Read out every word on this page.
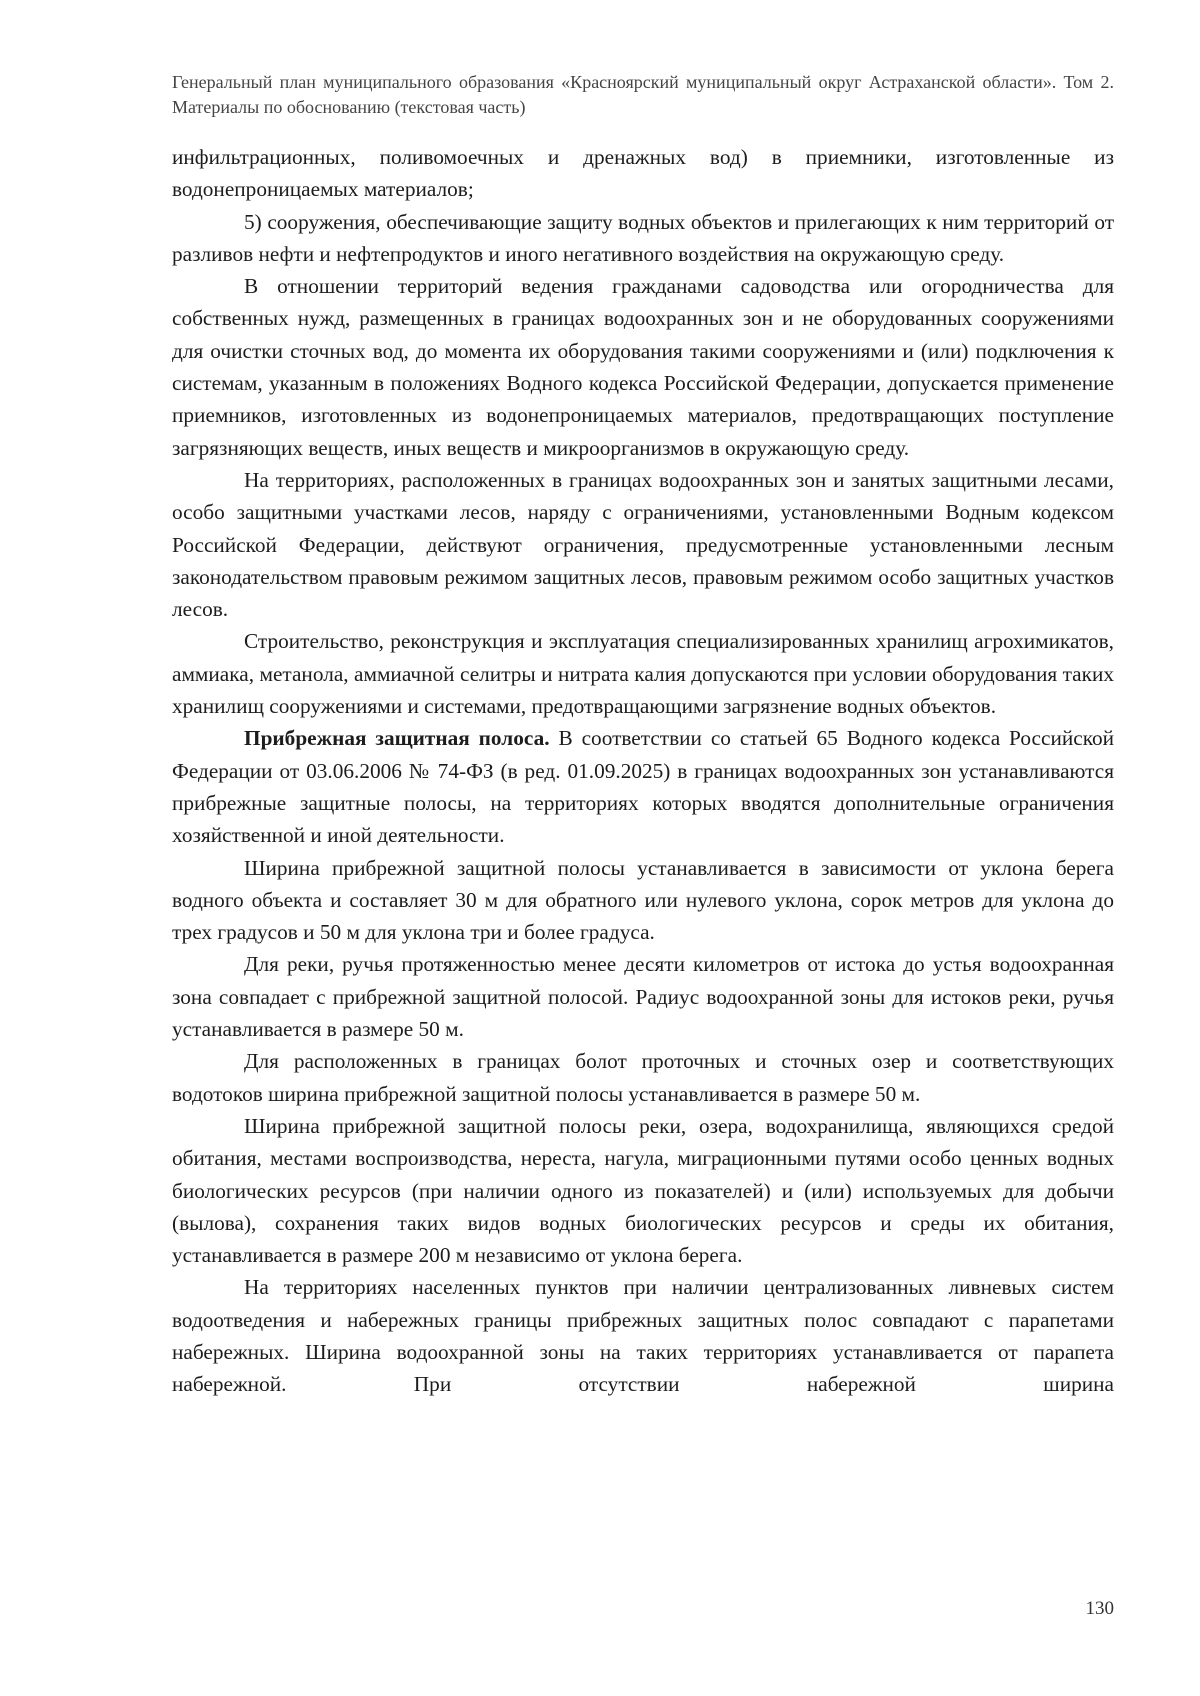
Генеральный план муниципального образования «Красноярский муниципальный округ Астраханской области». Том 2. Материалы по обоснованию (текстовая часть)

инфильтрационных, поливомоечных и дренажных вод) в приемники, изготовленные из водонепроницаемых материалов;

5) сооружения, обеспечивающие защиту водных объектов и прилегающих к ним территорий от разливов нефти и нефтепродуктов и иного негативного воздействия на окружающую среду.

В отношении территорий ведения гражданами садоводства или огородничества для собственных нужд, размещенных в границах водоохранных зон и не оборудованных сооружениями для очистки сточных вод, до момента их оборудования такими сооружениями и (или) подключения к системам, указанным в положениях Водного кодекса Российской Федерации, допускается применение приемников, изготовленных из водонепроницаемых материалов, предотвращающих поступление загрязняющих веществ, иных веществ и микроорганизмов в окружающую среду.

На территориях, расположенных в границах водоохранных зон и занятых защитными лесами, особо защитными участками лесов, наряду с ограничениями, установленными Водным кодексом Российской Федерации, действуют ограничения, предусмотренные установленными лесным законодательством правовым режимом защитных лесов, правовым режимом особо защитных участков лесов.

Строительство, реконструкция и эксплуатация специализированных хранилищ агрохимикатов, аммиака, метанола, аммиачной селитры и нитрата калия допускаются при условии оборудования таких хранилищ сооружениями и системами, предотвращающими загрязнение водных объектов.

Прибрежная защитная полоса. В соответствии со статьей 65 Водного кодекса Российской Федерации от 03.06.2006 № 74-ФЗ (в ред. 01.09.2025) в границах водоохранных зон устанавливаются прибрежные защитные полосы, на территориях которых вводятся дополнительные ограничения хозяйственной и иной деятельности.

Ширина прибрежной защитной полосы устанавливается в зависимости от уклона берега водного объекта и составляет 30 м для обратного или нулевого уклона, сорок метров для уклона до трех градусов и 50 м для уклона три и более градуса.

Для реки, ручья протяженностью менее десяти километров от истока до устья водоохранная зона совпадает с прибрежной защитной полосой. Радиус водоохранной зоны для истоков реки, ручья устанавливается в размере 50 м.

Для расположенных в границах болот проточных и сточных озер и соответствующих водотоков ширина прибрежной защитной полосы устанавливается в размере 50 м.

Ширина прибрежной защитной полосы реки, озера, водохранилища, являющихся средой обитания, местами воспроизводства, нереста, нагула, миграционными путями особо ценных водных биологических ресурсов (при наличии одного из показателей) и (или) используемых для добычи (вылова), сохранения таких видов водных биологических ресурсов и среды их обитания, устанавливается в размере 200 м независимо от уклона берега.

На территориях населенных пунктов при наличии централизованных ливневых систем водоотведения и набережных границы прибрежных защитных полос совпадают с парапетами набережных. Ширина водоохранной зоны на таких территориях устанавливается от парапета набережной. При отсутствии набережной ширина

130
